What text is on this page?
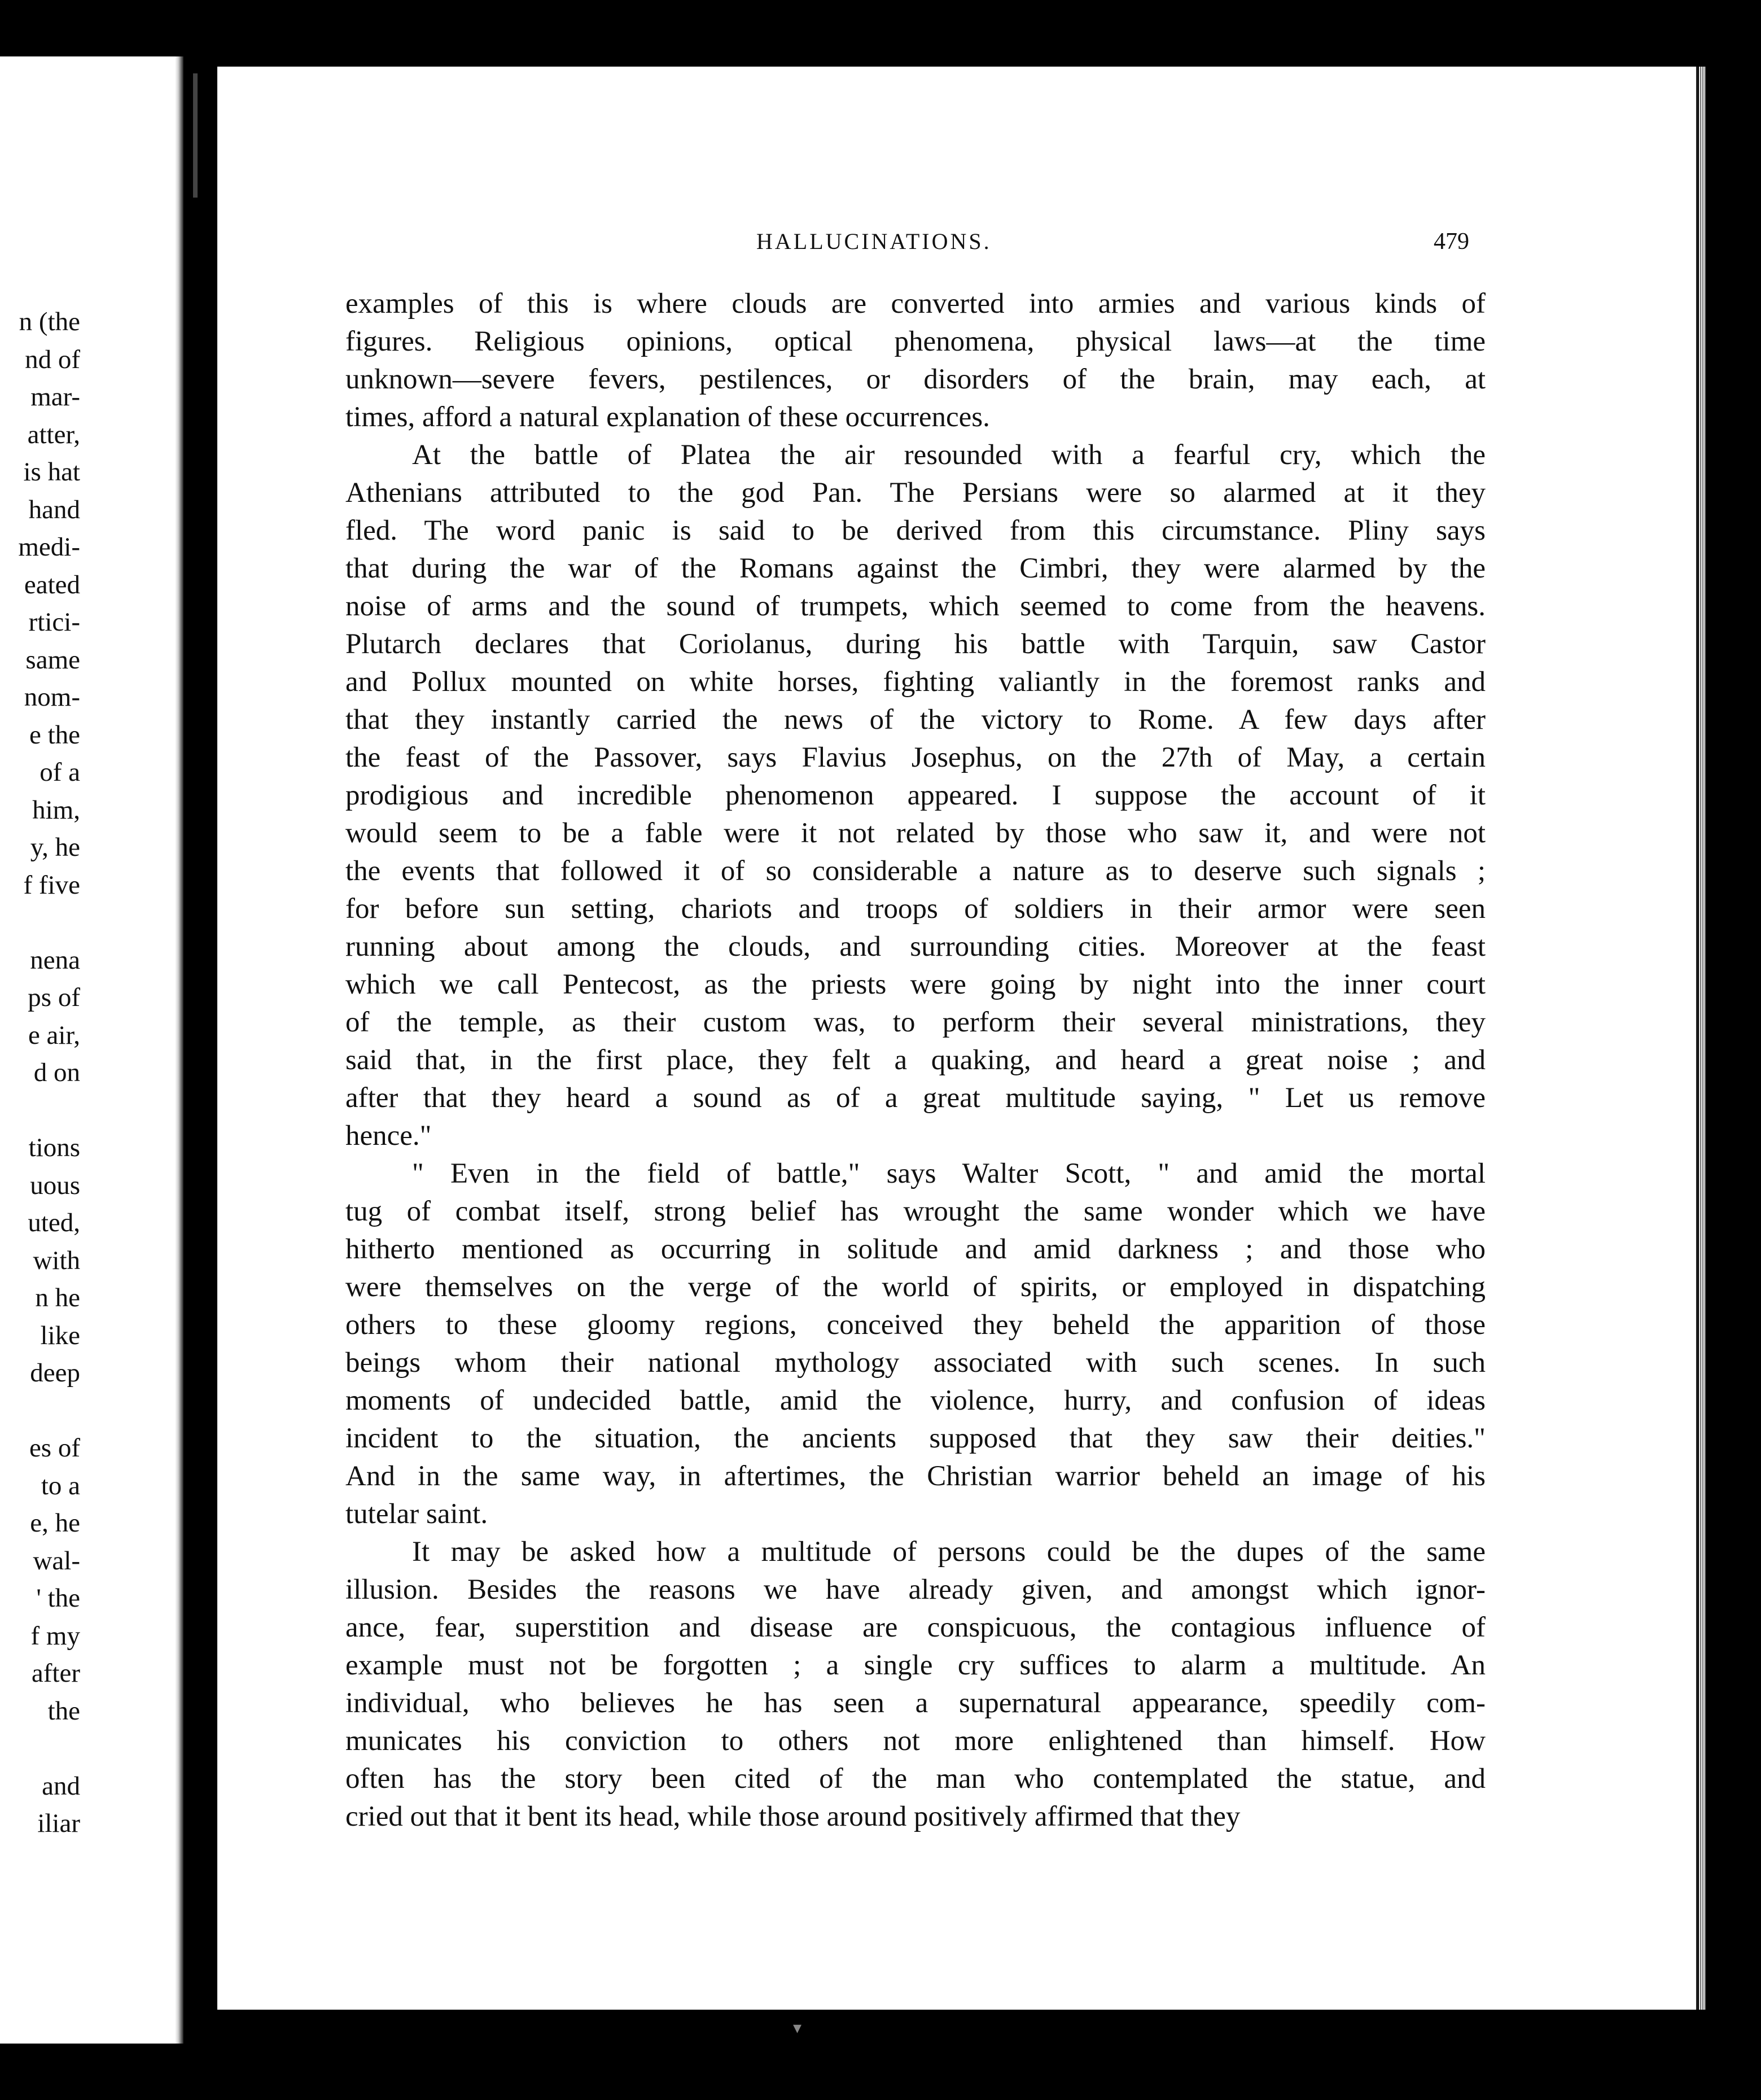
n (the
nd of
mar-
atter,
is hat
hand
medi-
eated
rtici-
same
nom-
e the
of a
him,
y, he
f five
nena
ps of
e air,
d on
tions
uous
uted,
with
n he
like
deep
es of
to a
e, he
wal-
' the
f my
after
the
and
iliar
HALLUCINATIONS.	479
examples of this is where clouds are converted into armies and various kinds of
figures. Religious opinions, optical phenomena, physical laws—at the time
unknown—severe fevers, pestilences, or disorders of the brain, may each, at
times, afford a natural explanation of these occurrences.
At the battle of Platea the air resounded with a fearful cry, which the
Athenians attributed to the god Pan. The Persians were so alarmed at it they
fled. The word panic is said to be derived from this circumstance. Pliny says
that during the war of the Romans against the Cimbri, they were alarmed by the
noise of arms and the sound of trumpets, which seemed to come from the heavens.
Plutarch declares that Coriolanus, during his battle with Tarquin, saw Castor
and Pollux mounted on white horses, fighting valiantly in the foremost ranks and
that they instantly carried the news of the victory to Rome. A few days after
the feast of the Passover, says Flavius Josephus, on the 27th of May, a certain
prodigious and incredible phenomenon appeared. I suppose the account of it
would seem to be a fable were it not related by those who saw it, and were not
the events that followed it of so considerable a nature as to deserve such signals ;
for before sun setting, chariots and troops of soldiers in their armor were seen
running about among the clouds, and surrounding cities. Moreover at the feast
which we call Pentecost, as the priests were going by night into the inner court
of the temple, as their custom was, to perform their several ministrations, they
said that, in the first place, they felt a quaking, and heard a great noise ; and
after that they heard a sound as of a great multitude saying, " Let us remove
hence."
" Even in the field of battle," says Walter Scott, " and amid the mortal
tug of combat itself, strong belief has wrought the same wonder which we have
hitherto mentioned as occurring in solitude and amid darkness ; and those who
were themselves on the verge of the world of spirits, or employed in dispatching
others to these gloomy regions, conceived they beheld the apparition of those
beings whom their national mythology associated with such scenes. In such
moments of undecided battle, amid the violence, hurry, and confusion of ideas
incident to the situation, the ancients supposed that they saw their deities."
And in the same way, in aftertimes, the Christian warrior beheld an image of his
tutelar saint.
It may be asked how a multitude of persons could be the dupes of the same
illusion. Besides the reasons we have already given, and amongst which ignor-
ance, fear, superstition and disease are conspicuous, the contagious influence of
example must not be forgotten ; a single cry suffices to alarm a multitude. An
individual, who believes he has seen a supernatural appearance, speedily com-
municates his conviction to others not more enlightened than himself. How
often has the story been cited of the man who contemplated the statue, and
cried out that it bent its head, while those around positively affirmed that they
▾
